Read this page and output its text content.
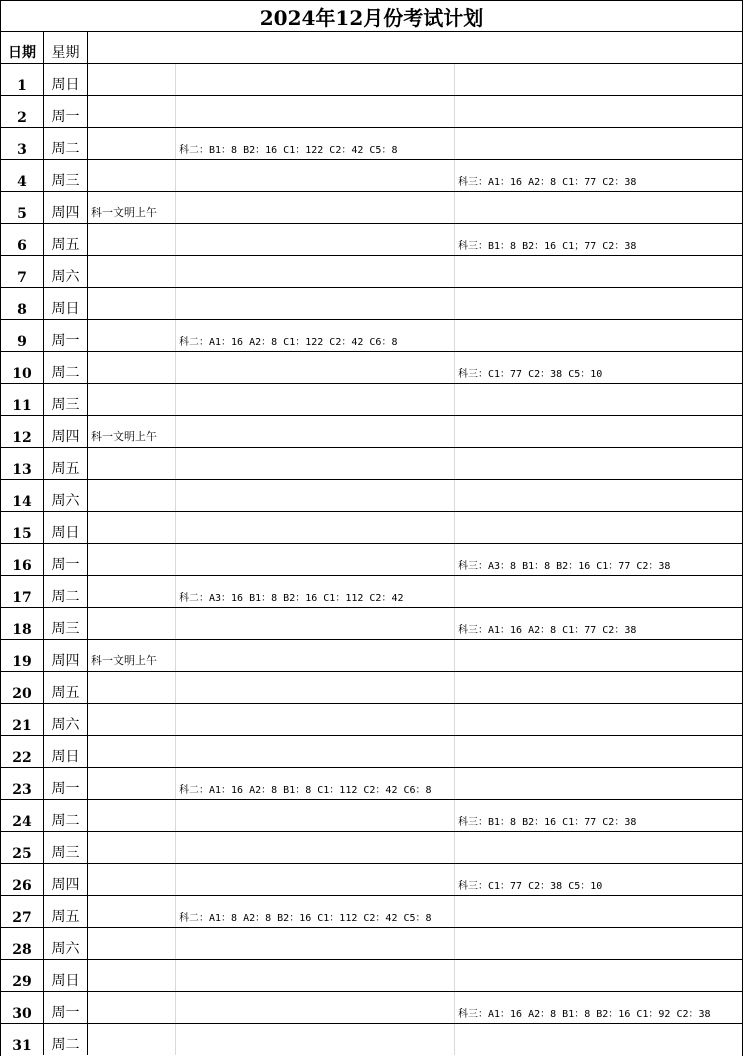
2024年12月份考试计划
日期	星期
1	周日
2	周一
3	周二	科二：B1：8 B2：16 C1：122 C2：42 C5：8
4	周三	科三：A1：16 A2：8 C1：77 C2：38
5	周四	科一文明上午
6	周五	科三：B1：8 B2：16 C1；77 C2：38
7	周六
8	周日
9	周一	科二：A1：16 A2：8 C1：122 C2：42 C6：8
10	周二	科三：C1：77 C2：38 C5：10
11	周三
12	周四	科一文明上午
13	周五
14	周六
15	周日
16	周一	科三：A3：8 B1：8 B2：16 C1：77 C2：38
17	周二	科二：A3：16 B1：8 B2：16 C1：112 C2：42
18	周三	科三：A1：16 A2：8 C1：77 C2：38
19	周四	科一文明上午
20	周五
21	周六
22	周日
23	周一	科二：A1：16 A2：8 B1：8 C1：112 C2：42 C6：8
24	周二	科三：B1：8 B2：16 C1：77 C2：38
25	周三
26	周四	科三：C1：77 C2：38 C5：10
27	周五	科二：A1：8 A2：8 B2：16 C1：112 C2：42 C5：8
28	周六
29	周日
30	周一	科三：A1：16 A2：8 B1：8 B2：16 C1：92 C2：38
31	周二
